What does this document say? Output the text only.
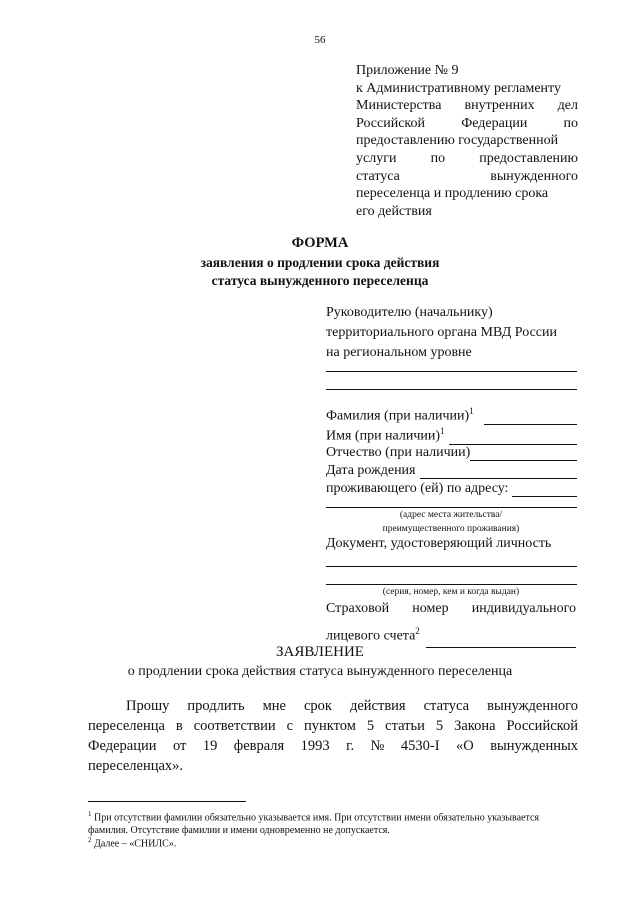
56
Приложение № 9
к Административному регламенту
Министерства внутренних дел
Российской	Федерации	по
предоставлению государственной
услуги по предоставлению
статуса	вынужденного
переселенца и продлению срока
его действия
ФОРМА
заявления о продлении срока действия
статуса вынужденного переселенца
Руководителю (начальнику)
территориального органа МВД России
на региональном уровне
Фамилия (при наличии)$^1$
Имя (при наличии)$^1$
Отчество (при наличии)
Дата рождения
проживающего (ей) по адресу:
(адрес места жительства/
преимущественного проживания)
Документ, удостоверяющий личность
(серия, номер, кем и когда выдан)
Страховой номер индивидуального
лицевого счета$^2$
ЗАЯВЛЕНИЕ
о продлении срока действия статуса вынужденного переселенца
Прошу продлить мне срок действия статуса вынужденного
переселенца в соответствии с пунктом 5 статьи 5 Закона Российской
Федерации от 19 февраля 1993 г. № 4530-I «О вынужденных
переселенцах».
$^1$ При отсутствии фамилии обязательно указывается имя. При отсутствии имени обязательно указывается
фамилия. Отсутствие фамилии и имени одновременно не допускается.
$^2$ Далее – «СНИЛС».
